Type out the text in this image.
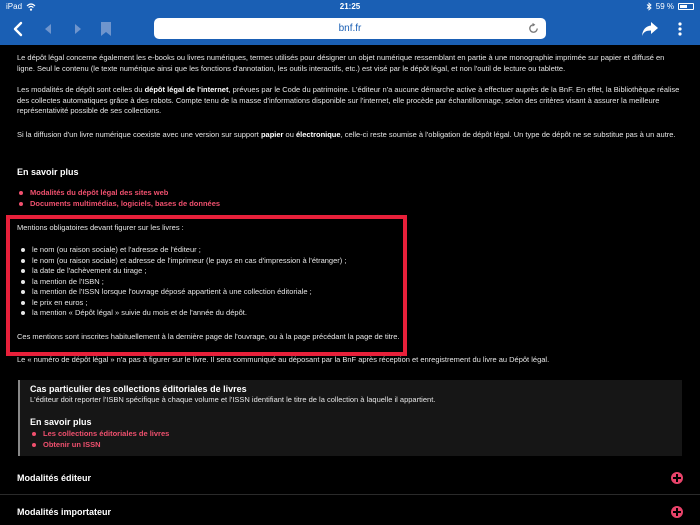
iPad	21:25	59 %
bnf.fr

Le dépôt légal concerne également les e-books ou livres numériques, termes utilisés pour désigner un objet numérique ressemblant en partie à une monographie imprimée sur papier et diffusé en ligne. Seul le contenu (le texte numérique ainsi que les fonctions d'annotation, les outils interactifs, etc.) est visé par le dépôt légal, et non l'outil de lecture ou tablette.

Les modalités de dépôt sont celles du dépôt légal de l'internet, prévues par le Code du patrimoine. L'éditeur n'a aucune démarche active à effectuer auprès de la BnF. En effet, la Bibliothèque réalise des collectes automatiques grâce à des robots. Compte tenu de la masse d'informations disponible sur l'internet, elle procède par échantillonnage, selon des critères visant à assurer la meilleure représentativité possible de ses collections.

Si la diffusion d'un livre numérique coexiste avec une version sur support papier ou électronique, celle-ci reste soumise à l'obligation de dépôt légal. Un type de dépôt ne se substitue pas à un autre.

En savoir plus
Modalités du dépôt légal des sites web
Documents multimédias, logiciels, bases de données

Mentions obligatoires devant figurer sur les livres :

le nom (ou raison sociale) et l'adresse de l'éditeur ;
le nom (ou raison sociale) et adresse de l'imprimeur (le pays en cas d'impression à l'étranger) ;
la date de l'achèvement du tirage ;
la mention de l'ISBN ;
la mention de l'ISSN lorsque l'ouvrage déposé appartient à une collection éditoriale ;
le prix en euros ;
la mention « Dépôt légal » suivie du mois et de l'année du dépôt.

Ces mentions sont inscrites habituellement à la dernière page de l'ouvrage, ou à la page précédant la page de titre.

Le « numéro de dépôt légal » n'a pas à figurer sur le livre. Il sera communiqué au déposant par la BnF après réception et enregistrement du livre au Dépôt légal.

Cas particulier des collections éditoriales de livres
L'éditeur doit reporter l'ISBN spécifique à chaque volume et l'ISSN identifiant le titre de la collection à laquelle il appartient.
En savoir plus
Les collections éditoriales de livres
Obtenir un ISSN
Modalités éditeur
Modalités importateur
